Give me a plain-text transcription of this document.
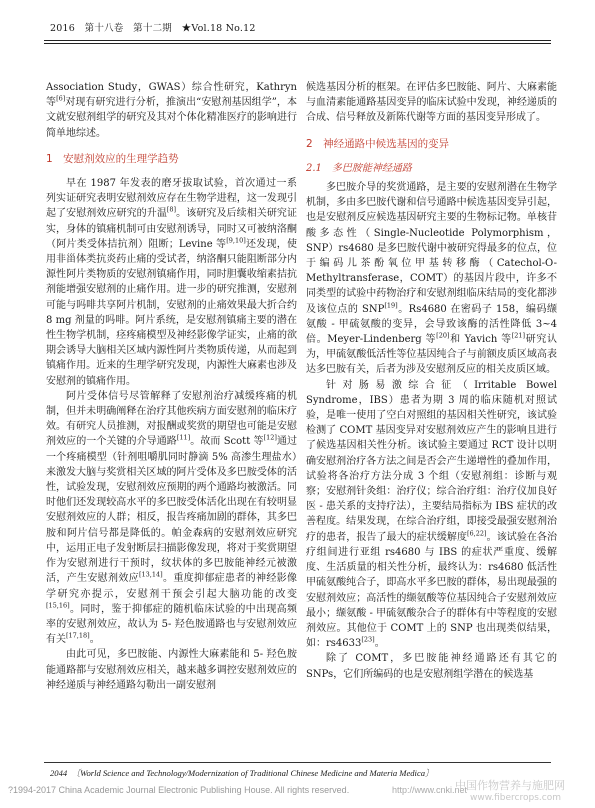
2016　第十八卷　第十二期　★Vol.18 No.12

Association Study，GWAS）综合性研究，Kathryn 等[6]对现有研究进行分析，推演出“安慰剂基因组学”，本文就安慰剂组学的研究及其对个体化精准医疗的影响进行简单地综述。

1　安慰剂效应的生理学趋势

早在 1987 年发表的磨牙拔取试验，首次通过一系列实证研究表明安慰剂效应存在生物学进程，这一发现引起了安慰剂效应研究的升温[8]。该研究及后续相关研究证实，身体的镇痛机制可由安慰剂诱导，同时又可被纳洛酮（阿片类受体拮抗剂）阻断；Levine 等[9,10]还发现，使用非甾体类抗炎药止痛的受试者，纳洛酮只能阻断部分内源性阿片类物质的安慰剂镇痛作用，同时胆囊收缩素拮抗剂能增强安慰剂的止痛作用。进一步的研究推测，安慰剂可能与吗啡共享阿片机制，安慰剂的止痛效果最大折合约 8 mg 剂量的吗啡。阿片系统，是安慰剂镇痛主要的潜在性生物学机制，痉疼痛模型及神经影像学证实，止痛的欲期会诱导大脑相关区域内源性阿片类物质传递，从而起到镇痛作用。近来的生理学研究发现，内源性大麻素也涉及安慰剂的镇痛作用。

阿片受体信号尽管解释了安慰剂治疗减缓疼痛的机制，但并未明确阐释在治疗其他疾病方面安慰剂的临床疗效。有研究人员推测，对报酬或奖赏的期望也可能是安慰剂效应的一个关键的介导通路[11]。故而 Scott 等[12]通过一个疼痛模型（针剂咀嚼肌同时静滴 5% 高渗生理盐水）来激发大脑与奖赏相关区域的阿片受体及多巴胺受体的活性，试验发现，安慰剂效应预期的两个通路均被激活。同时他们还发现较高水平的多巴胺受体活化出现在有较明显安慰剂效应的人群；相反，报告疼痛加剧的群体，其多巴胺和阿片信号都是降低的。帕金森病的安慰剂效应研究中，运用正电子发射断层扫描影像发现，将对于奖赏期望作为安慰剂进行干预时，纹状体的多巴胺能神经元被激活，产生安慰剂效应[13,14]。重度抑郁症患者的神经影像学研究亦提示，安慰剂干预会引起大脑功能的改变[15,16]。同时，鉴于抑郁症的随机临床试验的中出现高频率的安慰剂效应，故认为 5- 羟色胺通路也与安慰剂效应有关[17,18]。

由此可见，多巴胺能、内源性大麻素能和 5- 羟色胺能通路都与安慰剂效应相关，越来越多调控安慰剂效应的神经递质与神经通路勾勒出一副安慰剂

候选基因分析的框架。在评估多巴胺能、阿片、大麻素能与血清素能通路基因变异的临床试验中发现，神经递质的合成、信号释放及新陈代谢等方面的基因变异形成了。

2　神经通路中候选基因的变异
2.1　多巴胺能神经通路

多巴胺介导的奖赏通路，是主要的安慰剂潜在生物学机制，多由多巴胺代谢和信号通路中候选基因变异引起，也是安慰剂反应候选基因研究主要的生物标记物。单核苷酸多态性（Single-Nucleotide Polymorphism，SNP）rs4680 是多巴胺代谢中被研究得最多的位点，位于编码儿茶酚氧位甲基转移酶（Catechol-O-Methyltransferase，COMT）的基因片段中，许多不同类型的试验中药物治疗和安慰剂组临床结局的变化都涉及该位点的 SNP[19]。Rs4680 在密码子 158，编码缬氨酸 - 甲硫氨酸的变异，会导致该酶的活性降低 3~4 倍。Meyer-Lindenberg 等[20]和 Yavich 等[21]研究认为，甲硫氨酸低活性等位基因纯合子与前额皮质区域高表达多巴胺有关，后者为涉及安慰剂反应的相关皮质区域。

针对肠易激综合征（Irritable Bowel Syndrome，IBS）患者为期 3 周的临床随机对照试验，是唯一使用了空白对照组的基因相关性研究，该试验检测了 COMT 基因变异对安慰剂效应产生的影响且进行了候选基因相关性分析。该试验主要通过 RCT 设计以明确安慰剂治疗各方法之间是否会产生递增性的叠加作用，试验将各治疗方法分成 3 个组（安慰剂组：诊断与观察；安慰剂针灸组：治疗仪；综合治疗组：治疗仪加良好医 - 患关系的支持疗法），主要结局指标为 IBS 症状的改善程度。结果发现，在综合治疗组，即接受最强安慰剂治疗的患者，报告了最大的症状缓解度[6,22]。该试验在各治疗组间进行亚组 rs4680 与 IBS 的症状严重度、缓解度、生活质量的相关性分析，最终认为：rs4680 低活性甲硫氨酸纯合子，即高水平多巴胺的群体，易出现最强的安慰剂效应；高活性的缬氨酸等位基因纯合子安慰剂效应最小；缬氨酸 - 甲硫氨酸杂合子的群体有中等程度的安慰剂效应。其他位于 COMT 上的 SNP 也出现类似结果，如：rs4633[23]。

除了 COMT，多巴胺能神经通路还有其它的 SNPs，它们所编码的也是安慰剂组学潜在的候选基

2044　〔World Science and Technology/Modernization of Traditional Chinese Medicine and Materia Medica〕
?1994-2017 China Academic Journal Electronic Publishing House. All rights reserved.	http://www.cnki.net
中国作物营养与施肥网
www.fibercrops.com
